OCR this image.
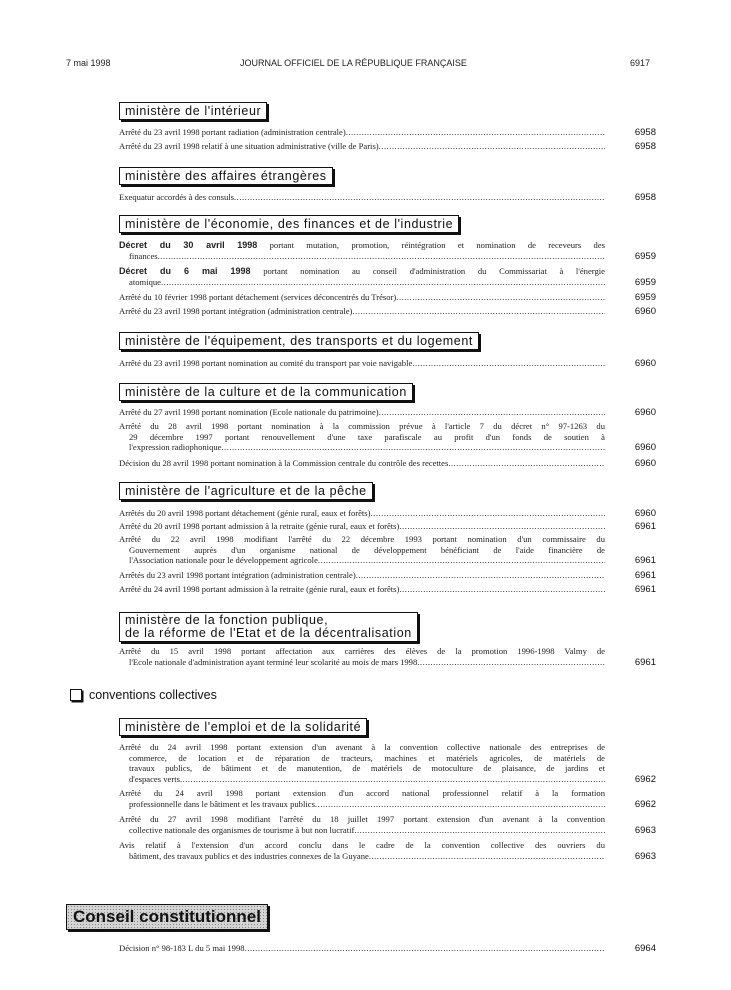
7 mai 1998	JOURNAL OFFICIEL DE LA RÉPUBLIQUE FRANÇAISE	6917
ministère de l'intérieur
Arrêté du 23 avril 1998 portant radiation (administration centrale) .....	6958
Arrêté du 23 avril 1998 relatif à une situation administrative (ville de Paris) .....	6958
ministère des affaires étrangères
Exequatur accordés à des consuls .....	6958
ministère de l'économie, des finances et de l'industrie
Décret du 30 avril 1998 portant mutation, promotion, réintégration et nomination de receveurs des
finances .....	6959
Décret du 6 mai 1998 portant nomination au conseil d'administration du Commissariat à l'énergie
atomique .....	6959
Arrêté du 10 février 1998 portant détachement (services déconcentrés du Trésor) .....	6959
Arrêté du 23 avril 1998 portant intégration (administration centrale) .....	6960
ministère de l'équipement, des transports et du logement
Arrêté du 23 avril 1998 portant nomination au comité du transport par voie navigable .....	6960
ministère de la culture et de la communication
Arrêté du 27 avril 1998 portant nomination (Ecole nationale du patrimoine) .....	6960
Arrêté du 28 avril 1998 portant nomination à la commission prévue à l'article 7 du décret n° 97-1263 du
29 décembre 1997 portant renouvellement d'une taxe parafiscale au profit d'un fonds de soutien à
l'expression radiophonique .....	6960
Décision du 28 avril 1998 portant nomination à la Commission centrale du contrôle des recettes .....	6960
ministère de l'agriculture et de la pêche
Arrêtés du 20 avril 1998 portant détachement (génie rural, eaux et forêts) .....	6960
Arrêté du 20 avril 1998 portant admission à la retraite (génie rural, eaux et forêts) .....	6961
Arrêté du 22 avril 1998 modifiant l'arrêté du 22 décembre 1993 portant nomination d'un commissaire du
Gouvernement auprès d'un organisme national de développement bénéficiant de l'aide financière de
l'Association nationale pour le développement agricole .....	6961
Arrêtés du 23 avril 1998 portant intégration (administration centrale) .....	6961
Arrêté du 24 avril 1998 portant admission à la retraite (génie rural, eaux et forêts) .....	6961
ministère de la fonction publique,
de la réforme de l'Etat et de la décentralisation
Arrêté du 15 avril 1998 portant affectation aux carrières des élèves de la promotion 1996-1998 Valmy de
l'Ecole nationale d'administration ayant terminé leur scolarité au mois de mars 1998 .....	6961
ministère de l'emploi et de la solidarité
Arrêté du 24 avril 1998 portant extension d'un avenant à la convention collective nationale des entreprises de
commerce, de location et de réparation de tracteurs, machines et matériels agricoles, de matériels de
travaux publics, de bâtiment et de manutention, de matériels de motoculture de plaisance, de jardins et
d'espaces verts .....	6962
Arrêté du 24 avril 1998 portant extension d'un accord national professionnel relatif à la formation
professionnelle dans le bâtiment et les travaux publics .....	6962
Arrêté du 27 avril 1998 modifiant l'arrêté du 18 juillet 1997 portant extension d'un avenant à la convention
collective nationale des organismes de tourisme à but non lucratif .....	6963
Avis relatif à l'extension d'un accord conclu dans le cadre de la convention collective des ouvriers du
bâtiment, des travaux publics et des industries connexes de la Guyane .....	6963
Décision n° 98-183 L du 5 mai 1998 .....	6964
conventions collectives
Conseil constitutionnel
